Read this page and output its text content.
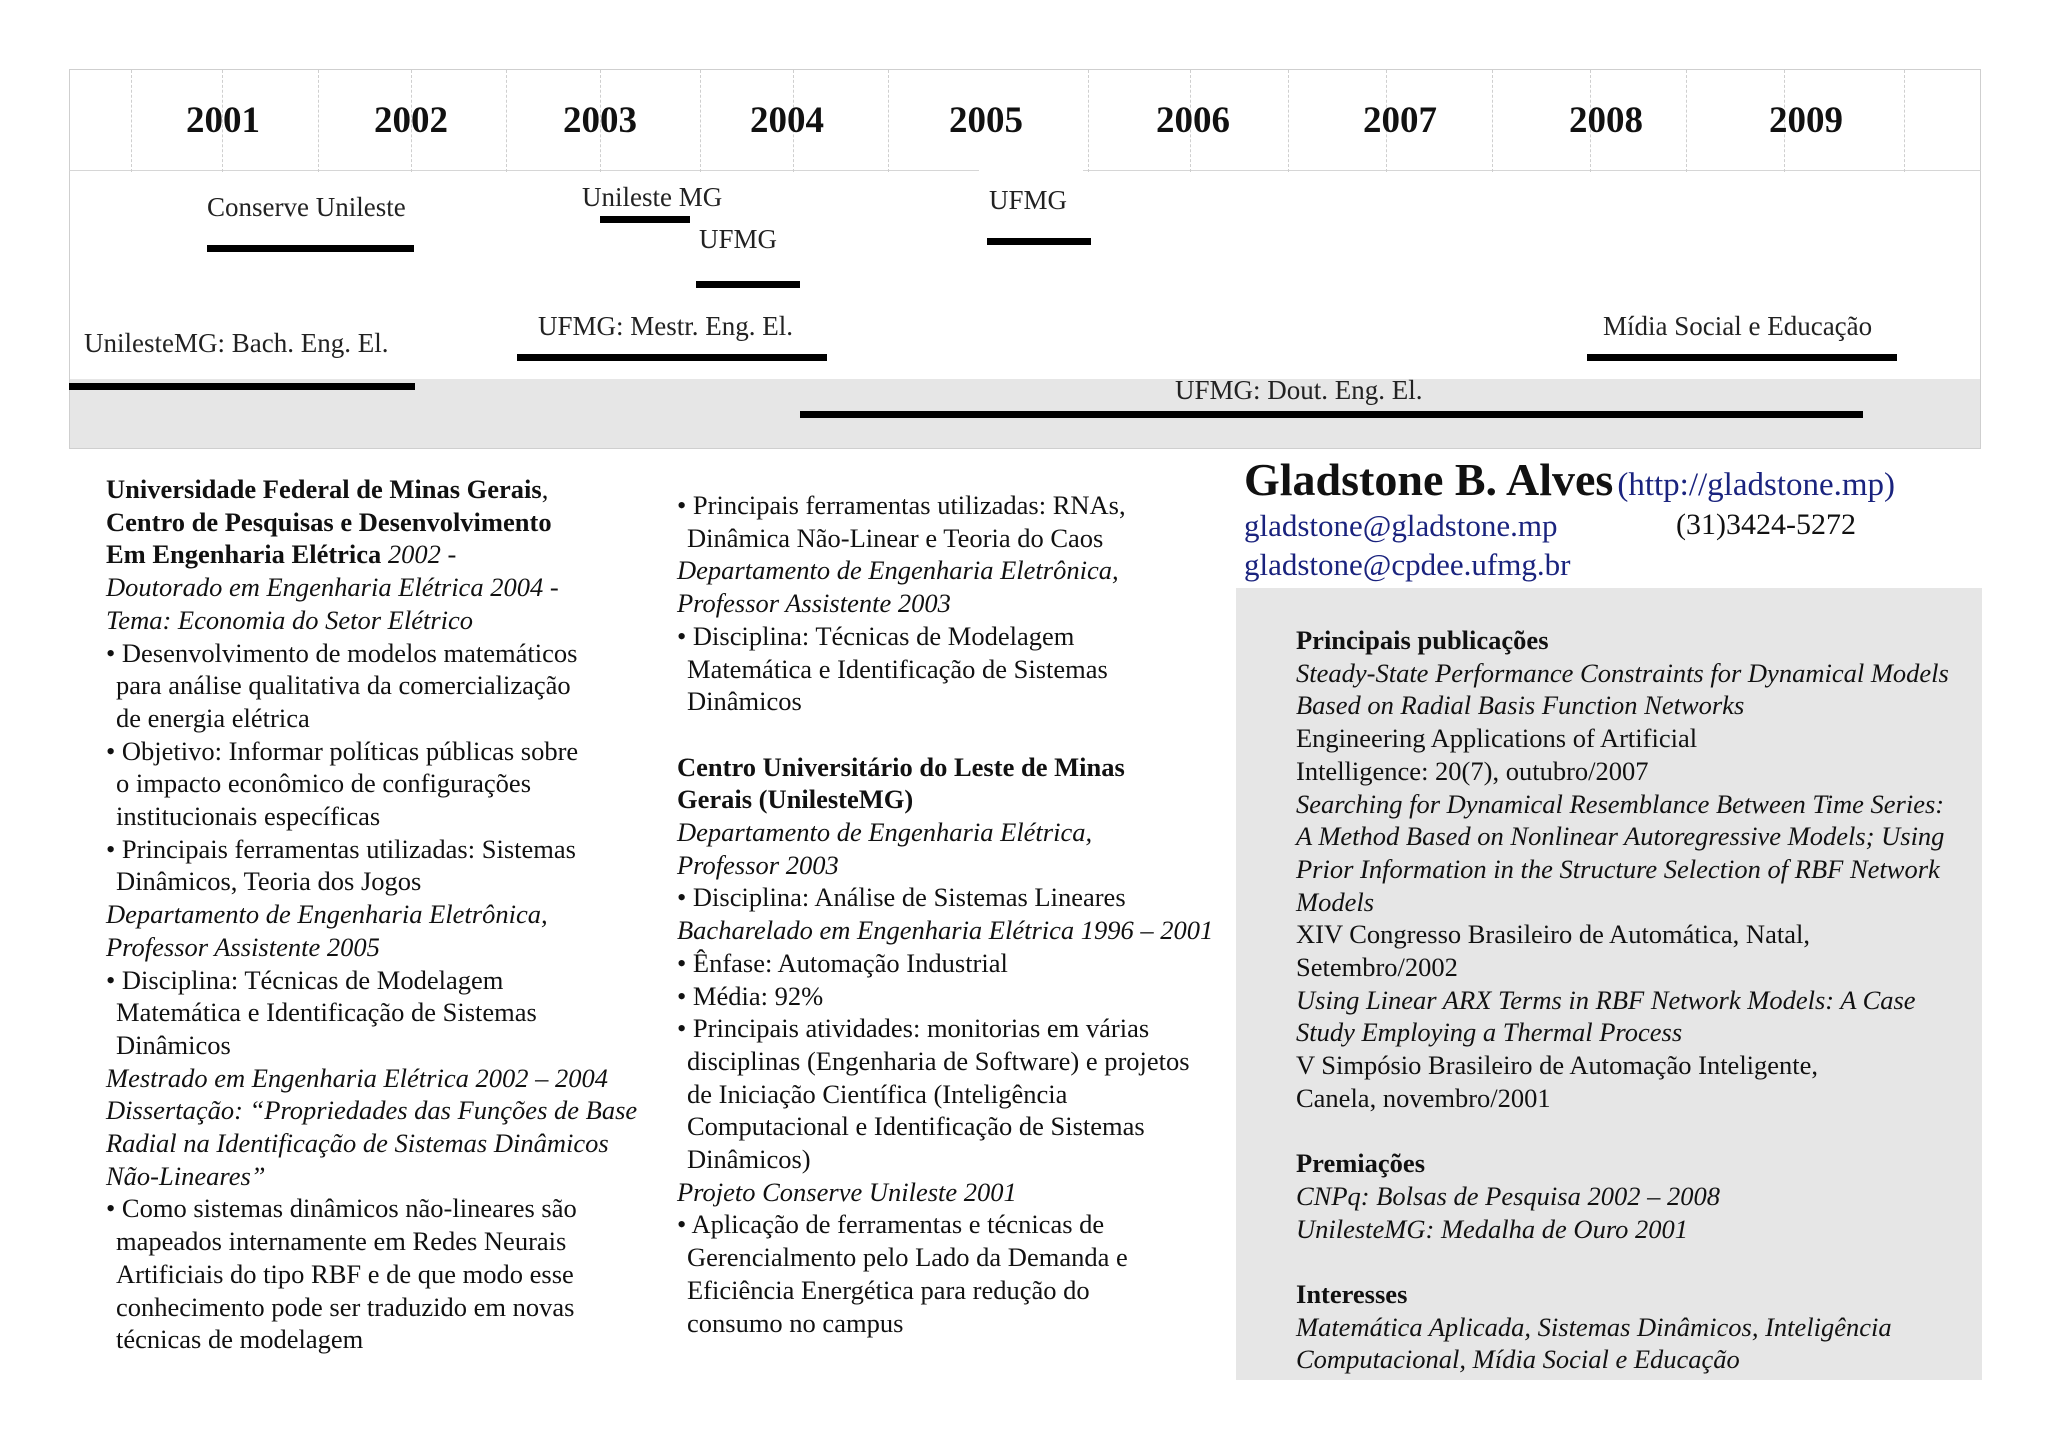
2001	2002	2003	2004	2005	2006	2007	2008	2009
Conserve Unileste	Unileste MG
UFMG
UFMG
UnilesteMG: Bach. Eng. El.
UFMG: Mestr. Eng. El.
UFMG: Dout. Eng. El.
Mídia Social e Educação
Gladstone B. Alves (http://gladstone.mp)
gladstone@gladstone.mp	(31)3424-5272
gladstone@cpdee.ufmg.br

Universidade Federal de Minas Gerais,

Centro de Pesquisas e Desenvolvimento

Em Engenharia Elétrica 2002 -

Doutorado em Engenharia Elétrica 2004 -

Tema: Economia do Setor Elétrico

• Desenvolvimento de modelos matemáticos

para análise qualitativa da comercialização

de energia elétrica

• Objetivo: Informar políticas públicas sobre

o impacto econômico de configurações

institucionais específicas

• Principais ferramentas utilizadas: Sistemas

Dinâmicos, Teoria dos Jogos

Departamento de Engenharia Eletrônica,

Professor Assistente 2005

• Disciplina: Técnicas de Modelagem

Matemática e Identificação de Sistemas

Dinâmicos

Mestrado em Engenharia Elétrica 2002 – 2004

Dissertação: “Propriedades das Funções de Base

Radial na Identificação de Sistemas Dinâmicos

Não-Lineares”

• Como sistemas dinâmicos não-lineares são

mapeados internamente em Redes Neurais

Artificiais do tipo RBF e de que modo esse

conhecimento pode ser traduzido em novas

técnicas de modelagem

• Principais ferramentas utilizadas: RNAs,

Dinâmica Não-Linear e Teoria do Caos

Departamento de Engenharia Eletrônica,

Professor Assistente 2003

• Disciplina: Técnicas de Modelagem

Matemática e Identificação de Sistemas

Dinâmicos

Centro Universitário do Leste de Minas

Gerais (UnilesteMG)

Departamento de Engenharia Elétrica,

Professor 2003

• Disciplina: Análise de Sistemas Lineares

Bacharelado em Engenharia Elétrica 1996 – 2001

• Ênfase: Automação Industrial

• Média: 92%

• Principais atividades: monitorias em várias

disciplinas (Engenharia de Software) e projetos

de Iniciação Científica (Inteligência

Computacional e Identificação de Sistemas

Dinâmicos)

Projeto Conserve Unileste 2001

• Aplicação de ferramentas e técnicas de

Gerencialmento pelo Lado da Demanda e

Eficiência Energética para redução do

consumo no campus

Principais publicações

Steady-State Performance Constraints for Dynamical Models

Based on Radial Basis Function Networks

Engineering Applications of Artificial

Intelligence: 20(7), outubro/2007

Searching for Dynamical Resemblance Between Time Series:

A Method Based on Nonlinear Autoregressive Models; Using

Prior Information in the Structure Selection of RBF Network

Models

XIV Congresso Brasileiro de Automática, Natal,

Setembro/2002

Using Linear ARX Terms in RBF Network Models: A Case

Study Employing a Thermal Process

V Simpósio Brasileiro de Automação Inteligente,

Canela, novembro/2001

Premiações

CNPq: Bolsas de Pesquisa 2002 – 2008

UnilesteMG: Medalha de Ouro 2001

Interesses

Matemática Aplicada, Sistemas Dinâmicos, Inteligência

Computacional, Mídia Social e Educação
